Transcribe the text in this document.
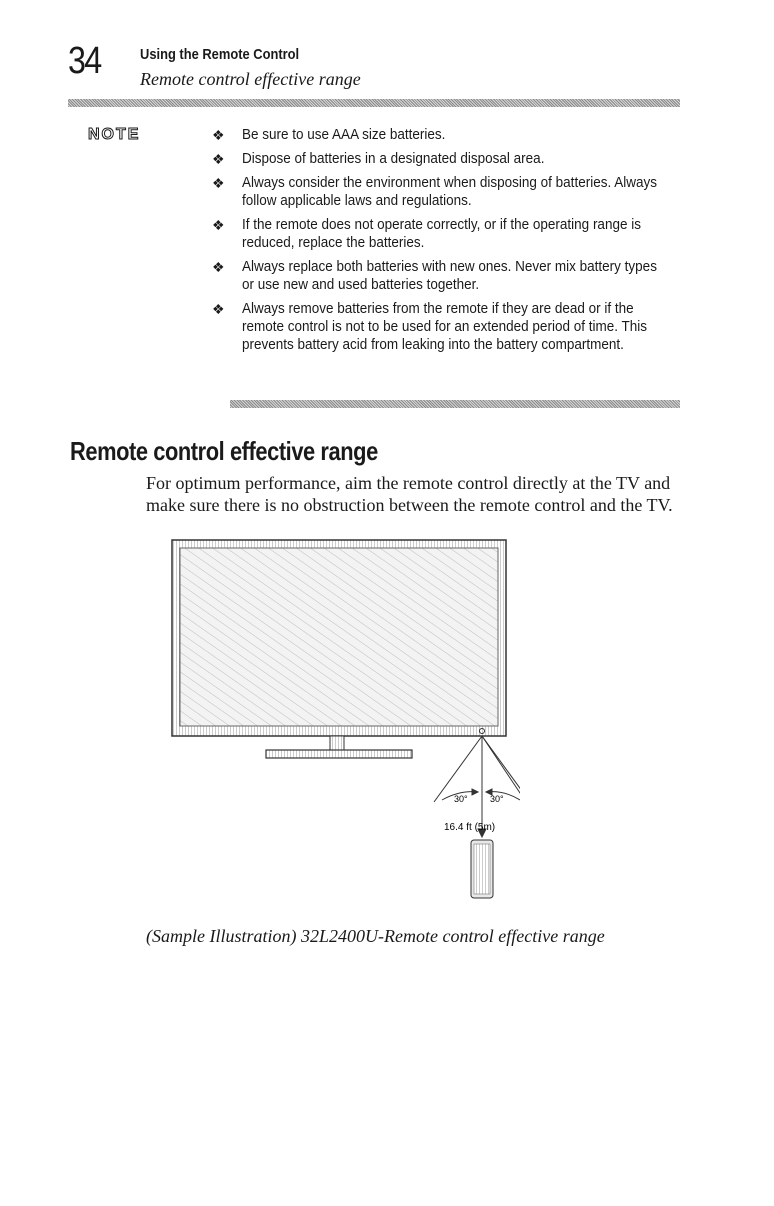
34	Using the Remote Control
Remote control effective range
NOTE	❖ Be sure to use AAA size batteries.
❖ Dispose of batteries in a designated disposal area.
❖ Always consider the environment when disposing of batteries. Always follow applicable laws and regulations.
❖ If the remote does not operate correctly, or if the operating range is reduced, replace the batteries.
❖ Always replace both batteries with new ones. Never mix battery types or use new and used batteries together.
❖ Always remove batteries from the remote if they are dead or if the remote control is not to be used for an extended period of time. This prevents battery acid from leaking into the battery compartment.
Remote control effective range
For optimum performance, aim the remote control directly at the TV and make sure there is no obstruction between the remote control and the TV.
30° 30°
16.4 ft (5m)
(Sample Illustration) 32L2400U-Remote control effective range
